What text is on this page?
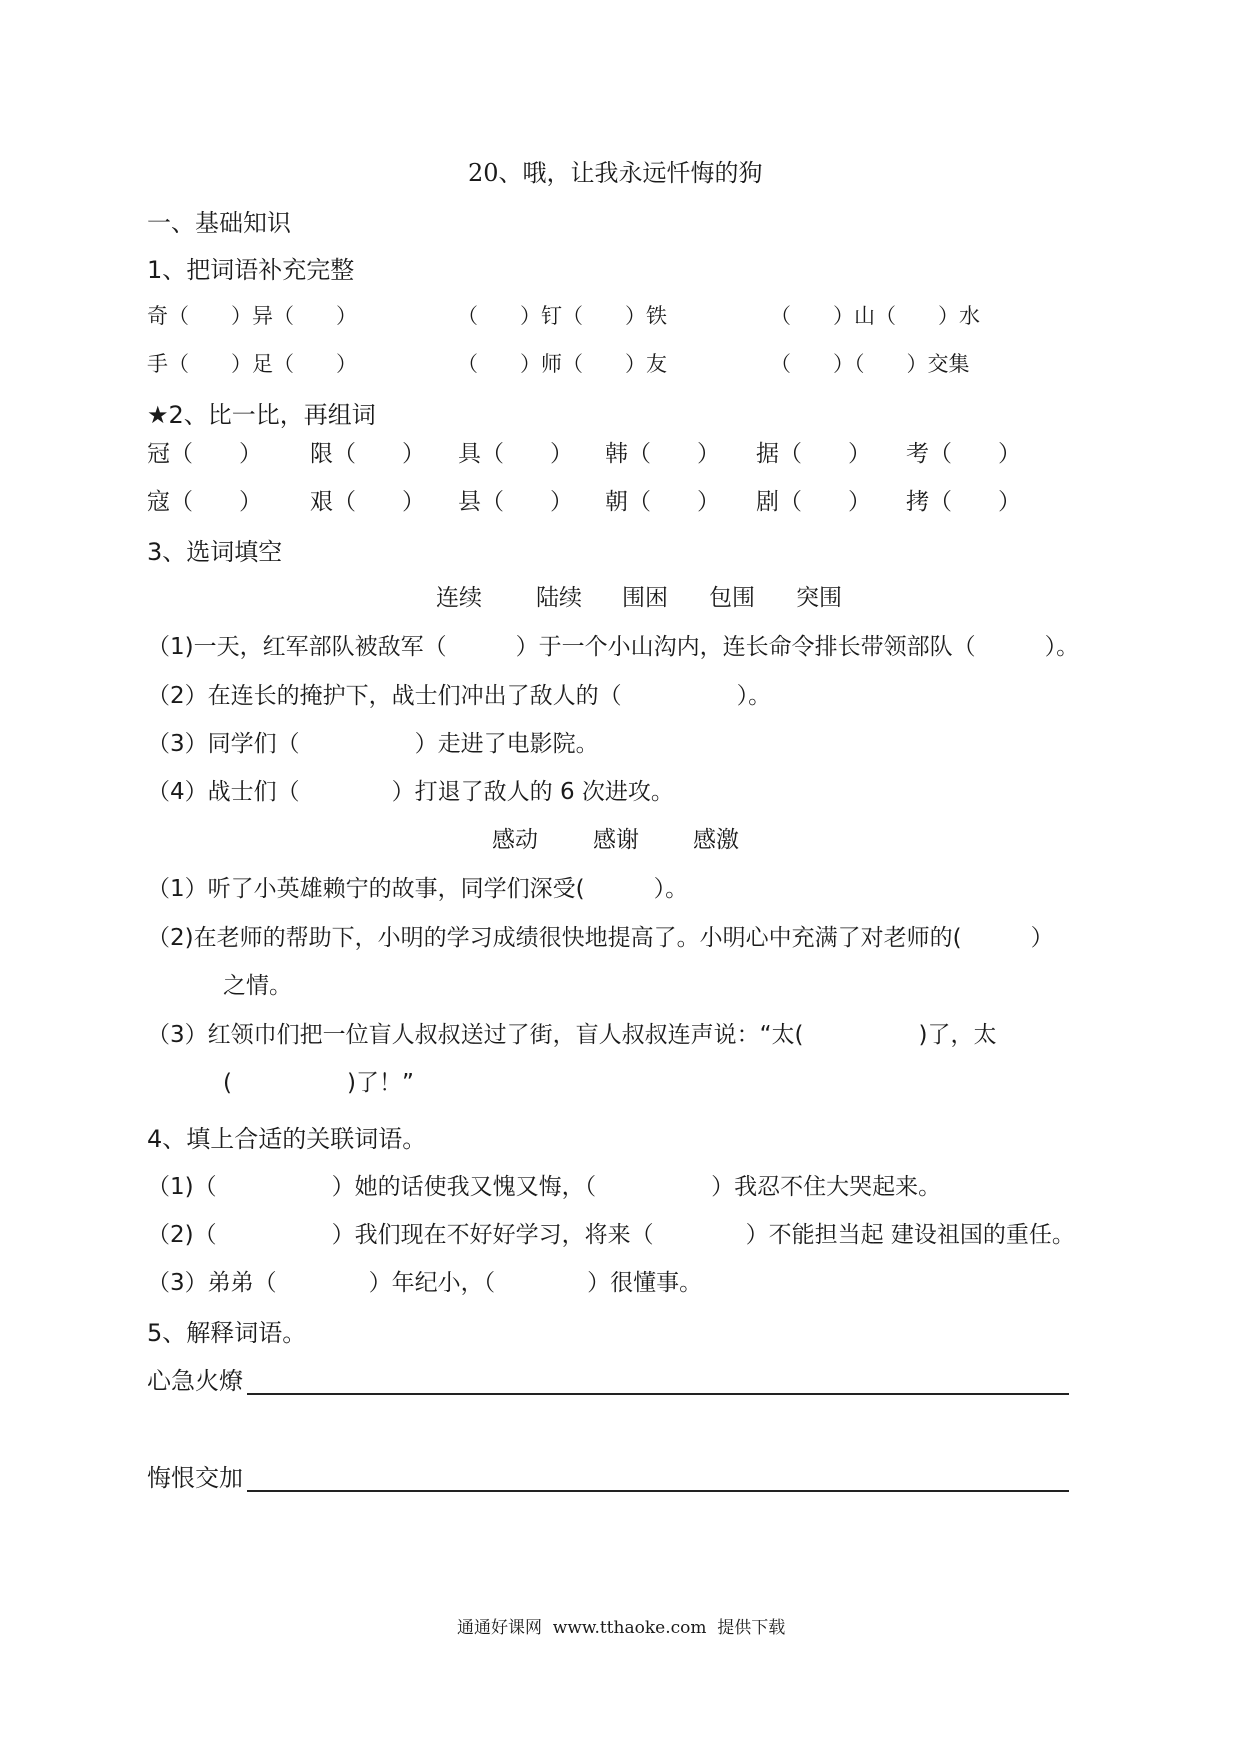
20、哦，让我永远忏悔的狗
一、基础知识
1、把词语补充完整
奇（　　）异（　　）	（　　）钉（　　）铁	（　　）山（　　）水
手（　　）足（　　）	（　　）师（　　）友	（　　）（　　）交集
★2、比一比，再组词
冠（　　） 限（　　） 具（　　） 韩（　　） 据（　　） 考（　　）
寇（　　） 艰（　　） 县（　　） 朝（　　） 剧（　　） 拷（　　）
3、选词填空
连续 陆续 围困 包围 突围
（1)一天，红军部队被敌军（　　　）于一个小山沟内，连长命令排长带领部队（　　　）。
（2）在连长的掩护下，战士们冲出了敌人的（　　　　　）。
（3）同学们（　　　　　）走进了电影院。
（4）战士们（　　　　）打退了敌人的 6 次进攻。
感动 感谢 感激
（1）听了小英雄赖宁的故事，同学们深受(　　　）。
（2)在老师的帮助下，小明的学习成绩很快地提高了。小明心中充满了对老师的(　　　）
之情。
（3）红领巾们把一位盲人叔叔送过了街，盲人叔叔连声说：“太(　　　　　)了，太
(　　　　　)了！”
4、填上合适的关联词语。
（1)（　　　　　）她的话使我又愧又悔，（　　　　　）我忍不住大哭起来。
（2)（　　　　　）我们现在不好好学习，将来（　　　　）不能担当起 建设祖国的重任。
（3）弟弟（　　　　）年纪小，（　　　　）很懂事。
5、解释词语。
心急火燎
悔恨交加
通通好课网  www.tthaoke.com  提供下载
